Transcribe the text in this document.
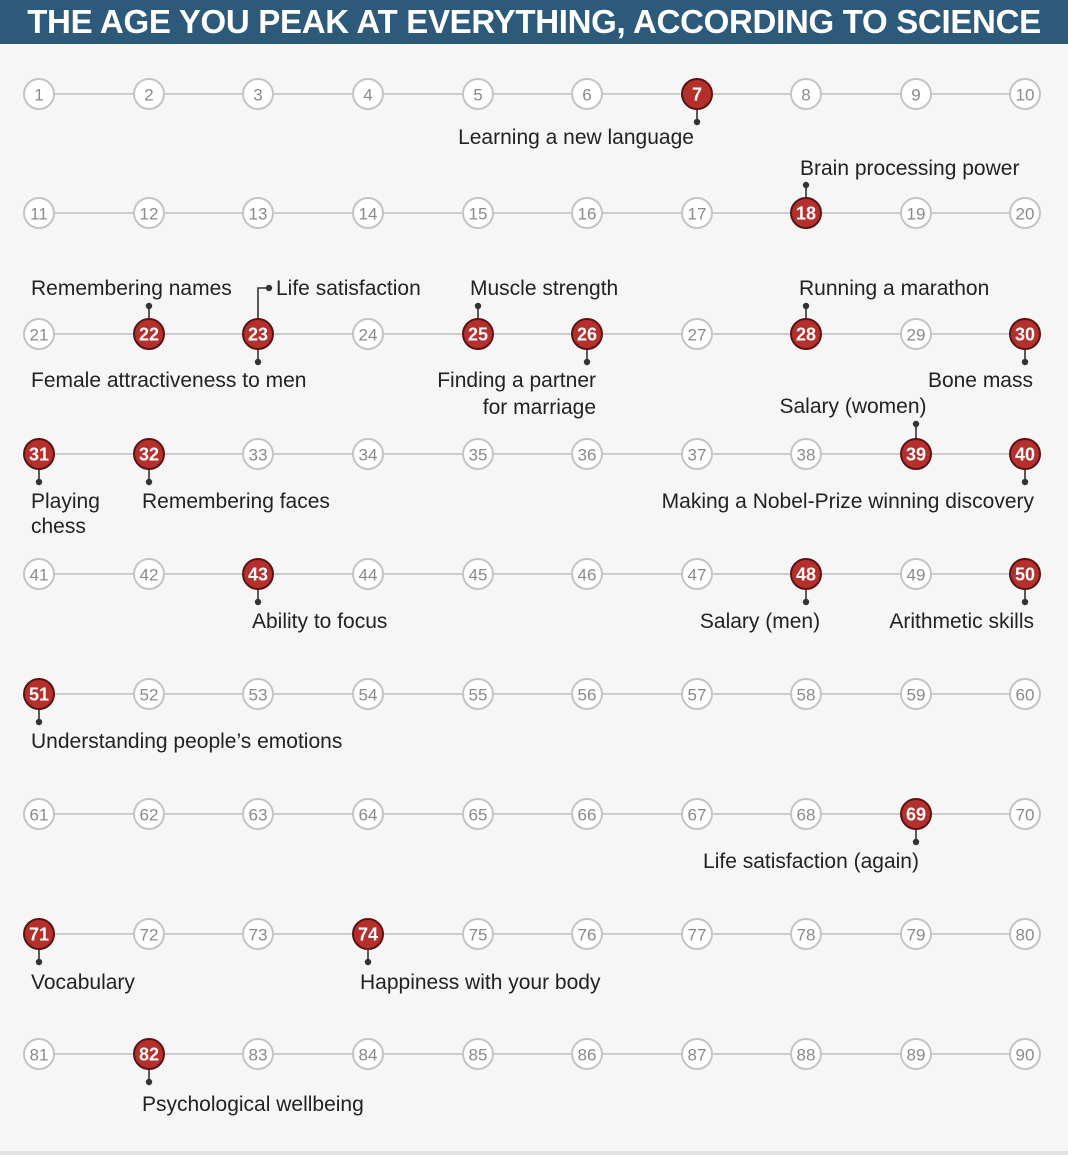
THE AGE YOU PEAK AT EVERYTHING, ACCORDING TO SCIENCE
1	2	3	4	5	6	7	8	9	10
11	12	13	14	15	16	17	18	19	20
21	22	23	24	25	26	27	28	29	30
31	32	33	34	35	36	37	38	39	40
41	42	43	44	45	46	47	48	49	50
51	52	53	54	55	56	57	58	59	60
61	62	63	64	65	66	67	68	69	70
71	72	73	74	75	76	77	78	79	80
81	82	83	84	85	86	87	88	89	90
Learning a new language
Brain processing power
Remembering names Life satisfaction Muscle strength	Running a marathon
Female attractiveness to men	Finding a partner
for marriage
Bone mass
Salary (women)
Playing
chess
Remembering faces	Making a Nobel-Prize winning discovery
Ability to focus	Salary (men)	Arithmetic skills
Understanding people’s emotions
Life satisfaction (again)
Vocabulary	Happiness with your body
Psychological wellbeing
